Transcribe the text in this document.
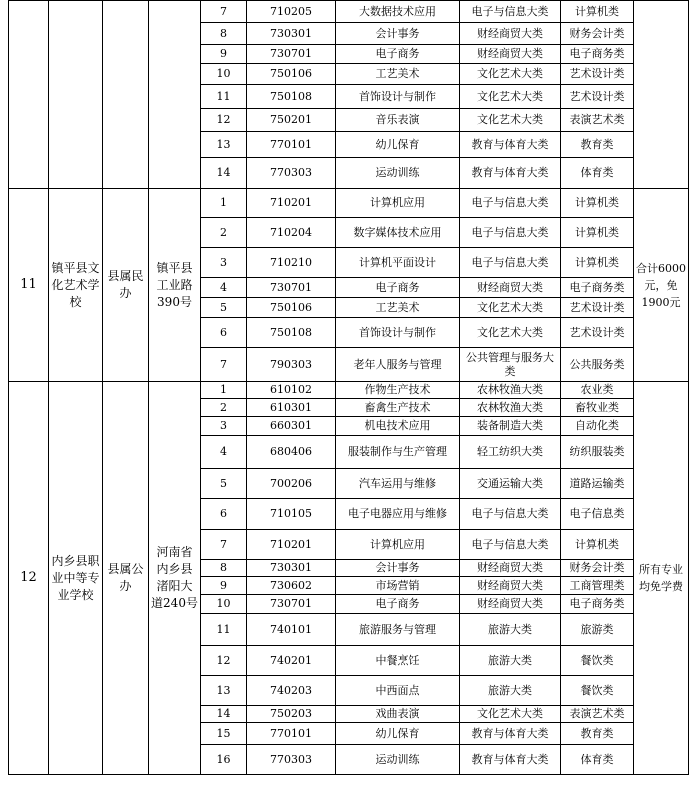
				7	710205	大数据技术应用	电子与信息大类	计算机类	
				8	730301	会计事务	财经商贸大类	财务会计类	
				9	730701	电子商务	财经商贸大类	电子商务类	
				10	750106	工艺美术	文化艺术大类	艺术设计类	
				11	750108	首饰设计与制作	文化艺术大类	艺术设计类	
				12	750201	音乐表演	文化艺术大类	表演艺术类	
				13	770101	幼儿保育	教育与体育大类	教育类	
				14	770303	运动训练	教育与体育大类	体育类	
11	镇平县文化艺术学校	县属民办	镇平县工业路390号	1	710201	计算机应用	电子与信息大类	计算机类	合计6000元，免1900元
				2	710204	数字媒体技术应用	电子与信息大类	计算机类	
				3	710210	计算机平面设计	电子与信息大类	计算机类	
				4	730701	电子商务	财经商贸大类	电子商务类	
				5	750106	工艺美术	文化艺术大类	艺术设计类	
				6	750108	首饰设计与制作	文化艺术大类	艺术设计类	
				7	790303	老年人服务与管理	公共管理与服务大类	公共服务类	
12	内乡县职业中等专业学校	县属公办	河南省内乡县渚阳大道240号	1	610102	作物生产技术	农林牧渔大类	农业类	所有专业均免学费
				2	610301	畜禽生产技术	农林牧渔大类	畜牧业类	
				3	660301	机电技术应用	装备制造大类	自动化类	
				4	680406	服装制作与生产管理	轻工纺织大类	纺织服装类	
				5	700206	汽车运用与维修	交通运输大类	道路运输类	
				6	710105	电子电器应用与维修	电子与信息大类	电子信息类	
				7	710201	计算机应用	电子与信息大类	计算机类	
				8	730301	会计事务	财经商贸大类	财务会计类	
				9	730602	市场营销	财经商贸大类	工商管理类	
				10	730701	电子商务	财经商贸大类	电子商务类	
				11	740101	旅游服务与管理	旅游大类	旅游类	
				12	740201	中餐烹饪	旅游大类	餐饮类	
				13	740203	中西面点	旅游大类	餐饮类	
				14	750203	戏曲表演	文化艺术大类	表演艺术类	
				15	770101	幼儿保育	教育与体育大类	教育类	
				16	770303	运动训练	教育与体育大类	体育类	
